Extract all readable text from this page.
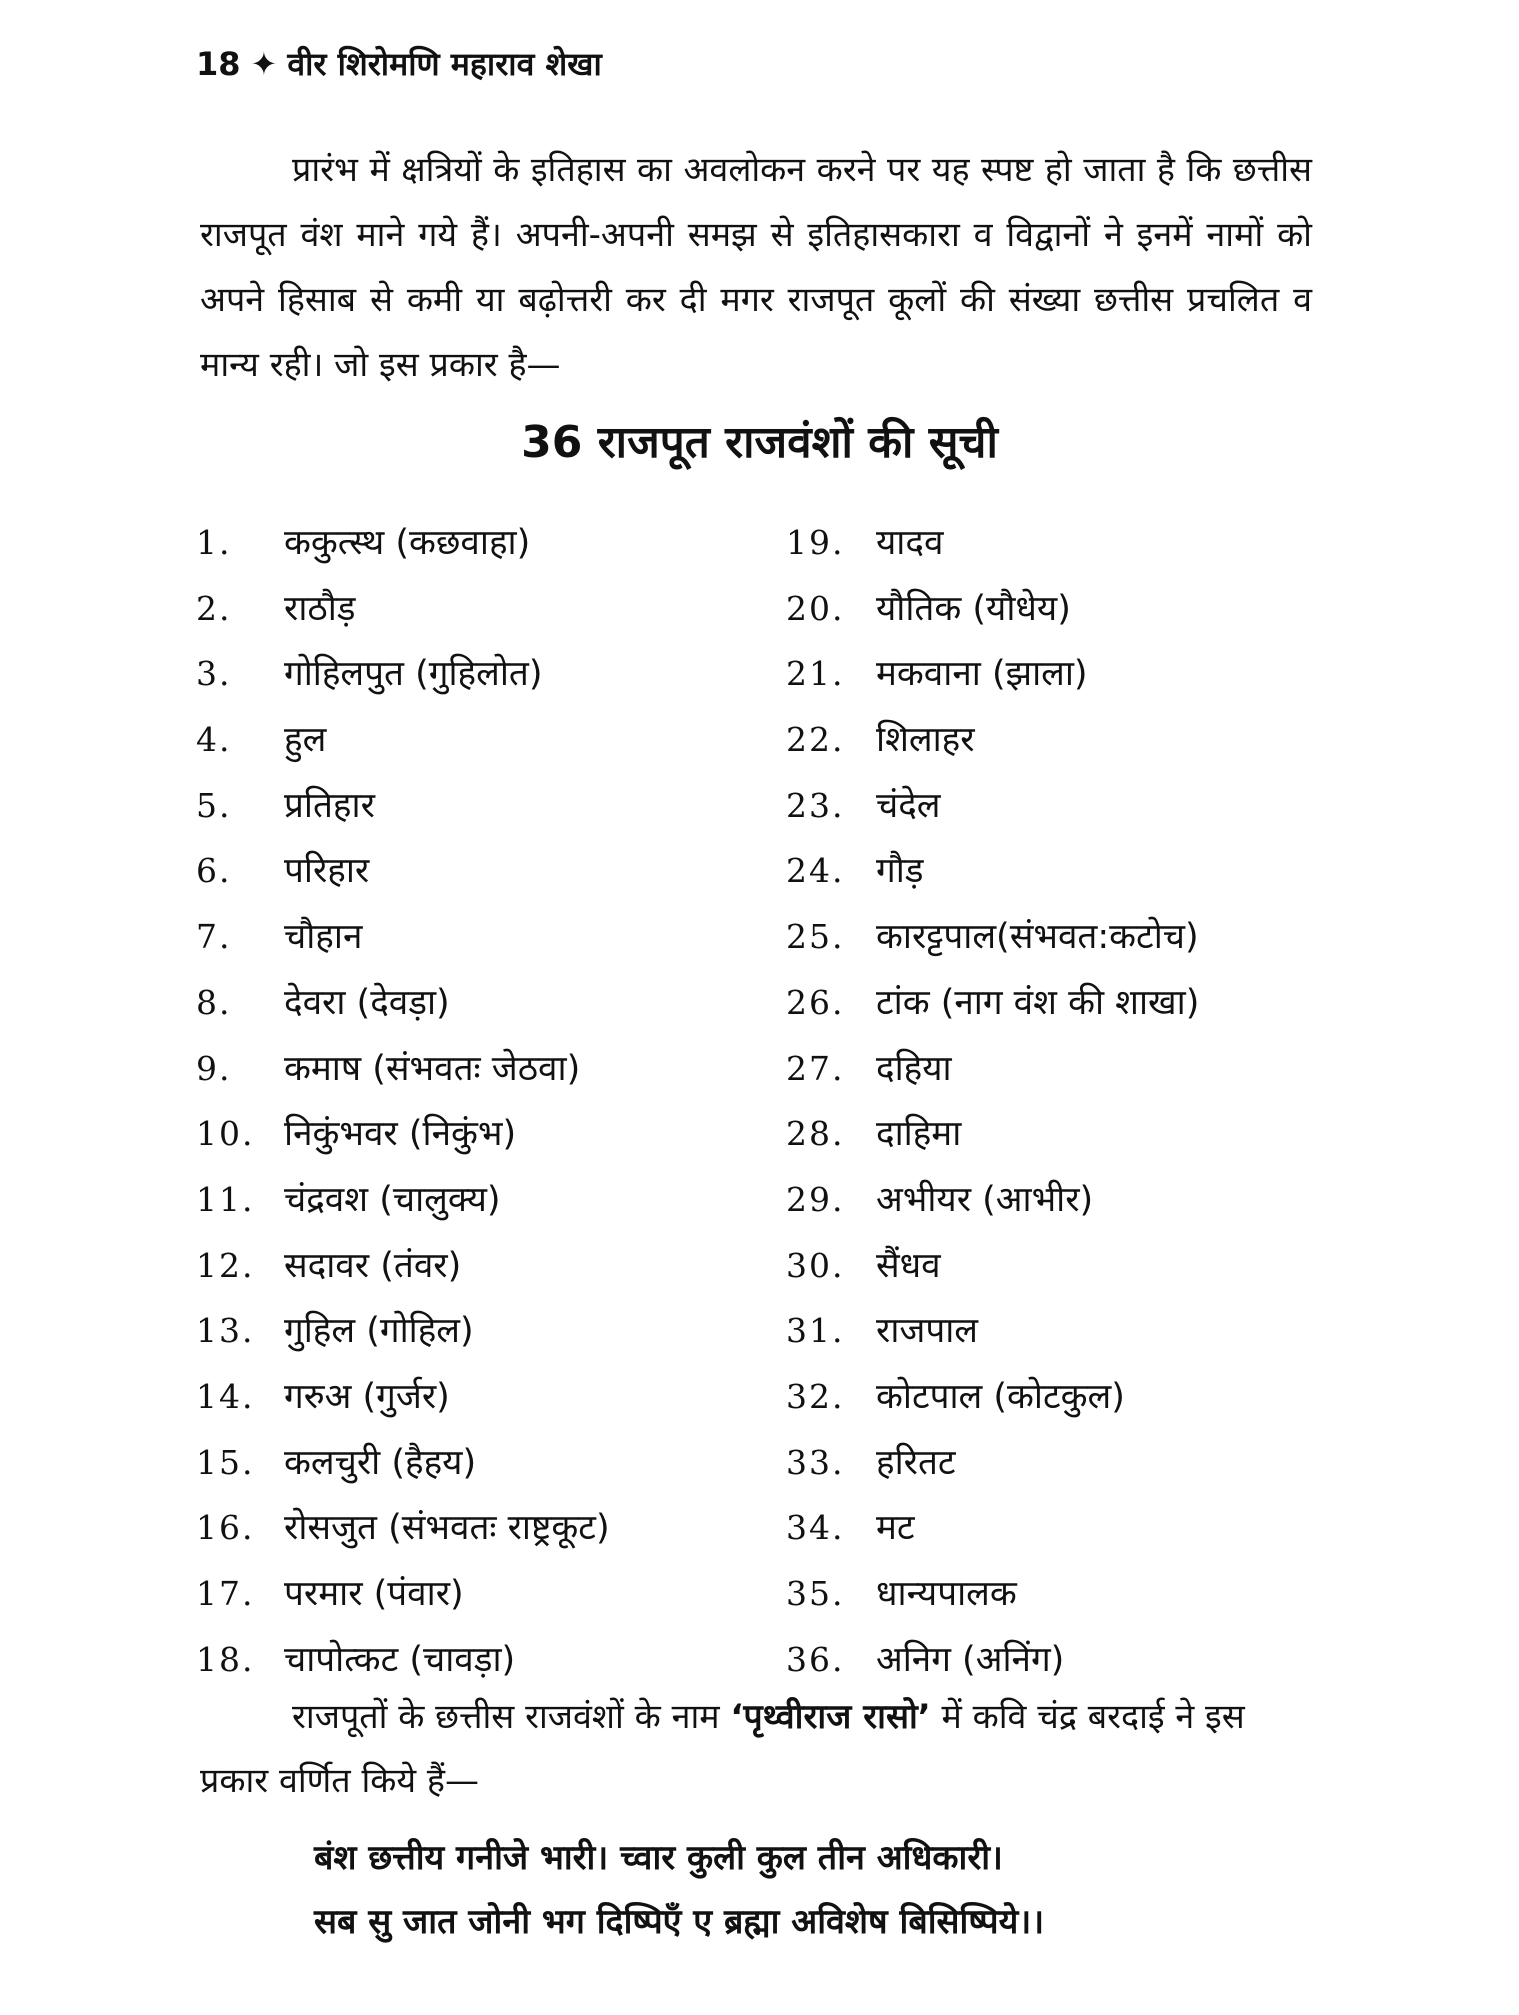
18 ✦ वीर शिरोमणि महाराव शेखा

प्रारंभ में क्षत्रियों के इतिहास का अवलोकन करने पर यह स्पष्ट हो जाता है कि छत्तीस राजपूत वंश माने गये हैं। अपनी-अपनी समझ से इतिहासकारा व विद्वानों ने इनमें नामों को अपने हिसाब से कमी या बढ़ोत्तरी कर दी मगर राजपूत कूलों की संख्या छत्तीस प्रचलित व मान्य रही। जो इस प्रकार है—

36 राजपूत राजवंशों की सूची
1. ककुत्स्थ (कछवाहा)
2. राठौड़
3. गोहिलपुत (गुहिलोत)
4. हुल
5. प्रतिहार
6. परिहार
7. चौहान
8. देवरा (देवड़ा)
9. कमाष (संभवतः जेठवा)
10. निकुंभवर (निकुंभ)
11. चंद्रवश (चालुक्य)
12. सदावर (तंवर)
13. गुहिल (गोहिल)
14. गरुअ (गुर्जर)
15. कलचुरी (हैहय)
16. रोसजुत (संभवतः राष्ट्रकूट)
17. परमार (पंवार)
18. चापोत्कट (चावड़ा)
19. यादव
20. यौतिक (यौधेय)
21. मकवाना (झाला)
22. शिलाहर
23. चंदेल
24. गौड़
25. कारट्टपाल(संभवत:कटोच)
26. टांक (नाग वंश की शाखा)
27. दहिया
28. दाहिमा
29. अभीयर (आभीर)
30. सैंधव
31. राजपाल
32. कोटपाल (कोटकुल)
33. हरितट
34. मट
35. धान्यपालक
36. अनिग (अनिंग)

राजपूतों के छत्तीस राजवंशों के नाम ‘पृथ्वीराज रासो’ में कवि चंद्र बरदाई ने इस प्रकार वर्णित किये हैं—

बंश छत्तीय गनीजे भारी। च्वार कुली कुल तीन अधिकारी।
सब सु जात जोनी भग दिष्पिएँ ए ब्रह्मा अविशेष बिसिष्पिये।।
